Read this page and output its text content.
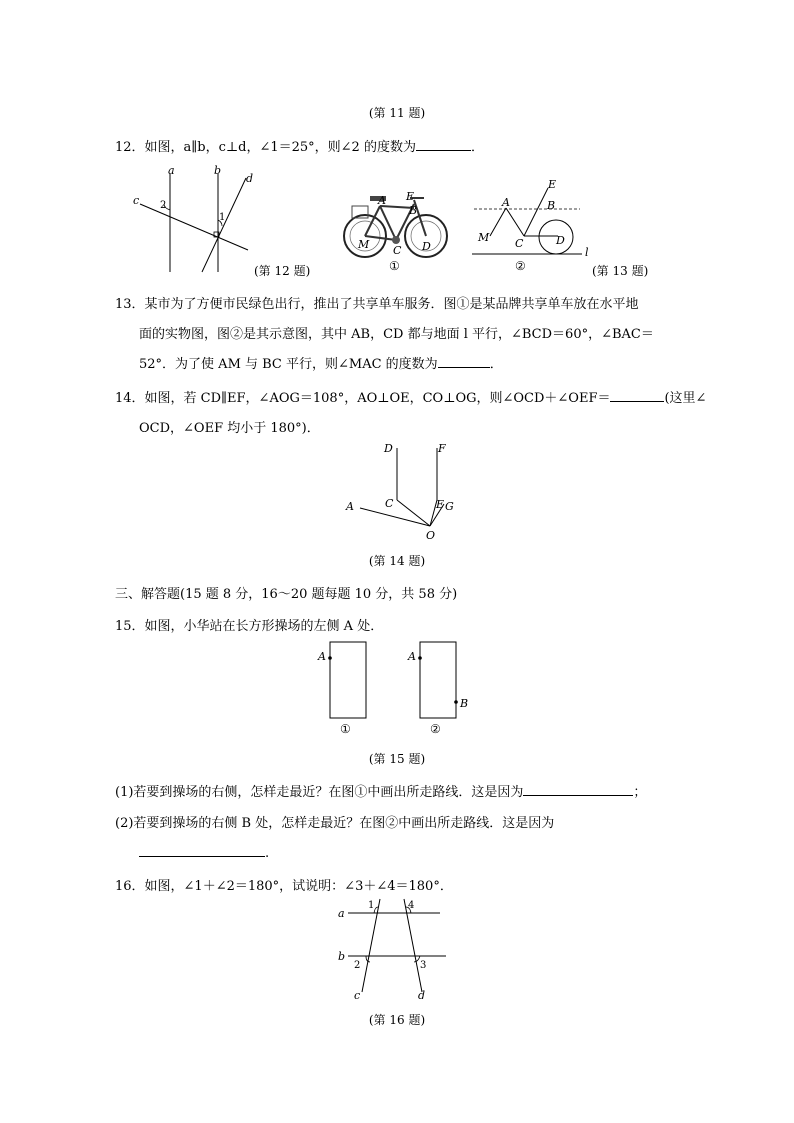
(第 11 题)
12．如图，a∥b，c⊥d，∠1＝25°，则∠2 的度数为	．
a	b
c
d
2
1
(第 12 题)
A E
B
M C D
①
A
E
B
M C	D
l
②	(第 13 题)
13．某市为了方便市民绿色出行，推出了共享单车服务．图①是某品牌共享单车放在水平地
面的实物图，图②是其示意图，其中 AB，CD 都与地面 l 平行，∠BCD＝60°，∠BAC＝
52°．为了使 AM 与 BC 平行，则∠MAC 的度数为	．
14．如图，若 CD∥EF，∠AOG＝108°，AO⊥OE，CO⊥OG，则∠OCD＋∠OEF＝	(这里∠
OCD，∠OEF 均小于 180°)．
D	F
C	E G
A
O
(第 14 题)
三、解答题(15 题 8 分，16～20 题每题 10 分，共 58 分)
15．如图，小华站在长方形操场的左侧 A 处．
A	A
B
①	②
(第 15 题)
(1)若要到操场的右侧，怎样走最近？在图①中画出所走路线．这是因为	；
(2)若要到操场的右侧 B 处，怎样走最近？在图②中画出所走路线．这是因为
.
16．如图，∠1＋∠2＝180°，试说明：∠3＋∠4＝180°．
a
b
c	d
1	4
2	3
(第 16 题)
